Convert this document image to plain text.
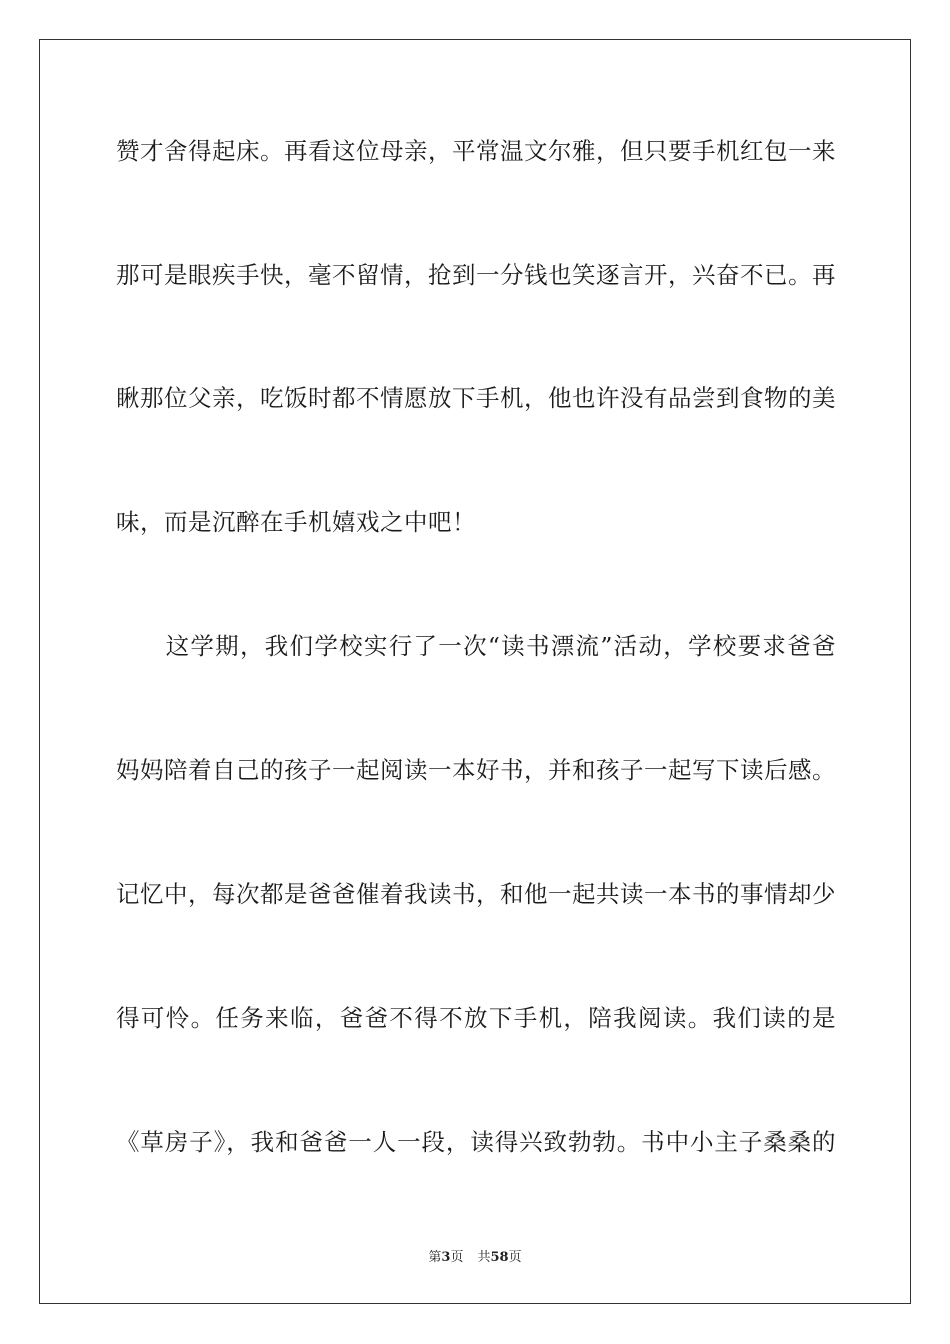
赞才舍得起床。再看这位母亲，平常温文尔雅，但只要手机红包一来
那可是眼疾手快，毫不留情，抢到一分钱也笑逐言开，兴奋不已。再
瞅那位父亲，吃饭时都不情愿放下手机，他也许没有品尝到食物的美
味，而是沉醉在手机嬉戏之中吧！
　　这学期，我们学校实行了一次“读书漂流”活动，学校要求爸爸
妈妈陪着自己的孩子一起阅读一本好书，并和孩子一起写下读后感。
记忆中，每次都是爸爸催着我读书，和他一起共读一本书的事情却少
得可怜。任务来临，爸爸不得不放下手机，陪我阅读。我们读的是
《草房子》，我和爸爸一人一段，读得兴致勃勃。书中小主子桑桑的
第3页 共58页
